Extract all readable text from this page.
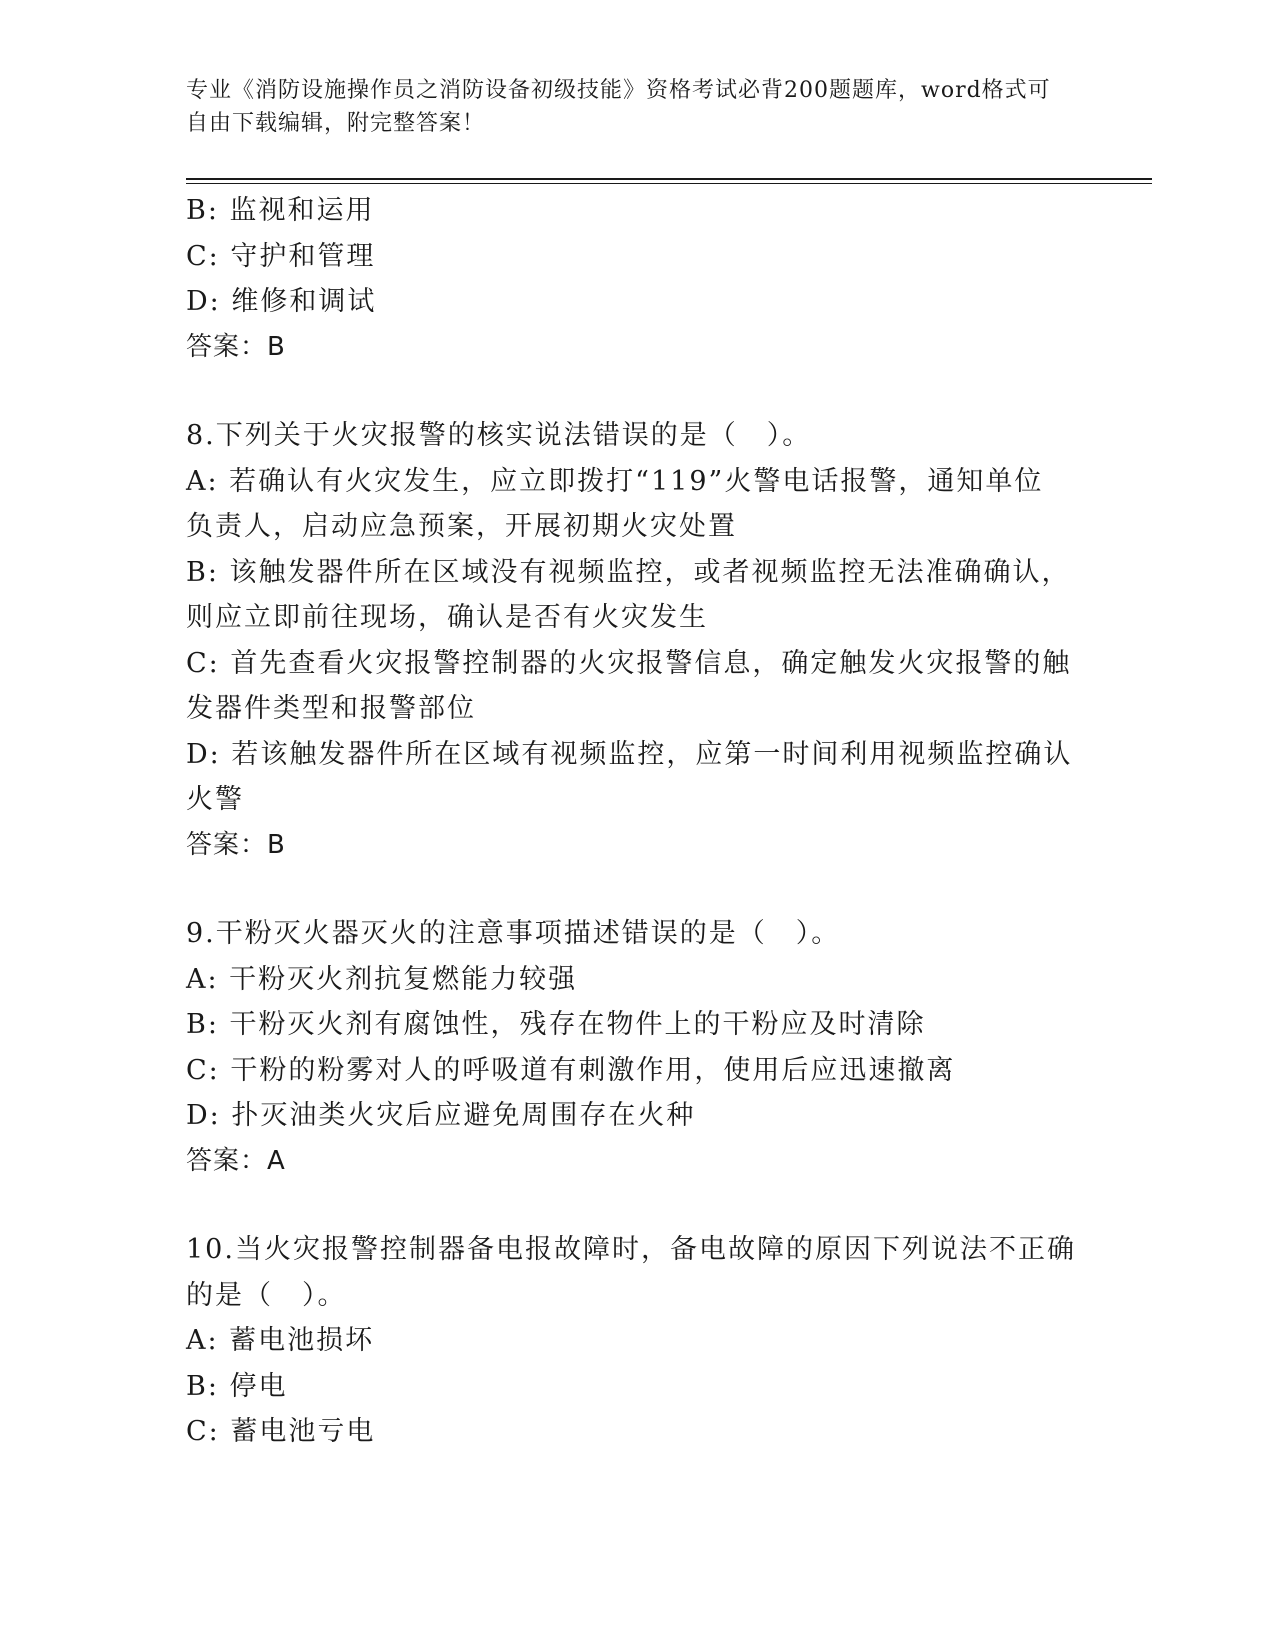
专业《消防设施操作员之消防设备初级技能》资格考试必背200题题库，word格式可自由下载编辑，附完整答案！
B: 监视和运用
C: 守护和管理
D: 维修和调试
答案：B
8.下列关于火灾报警的核实说法错误的是（　）。
A: 若确认有火灾发生，应立即拨打“119”火警电话报警，通知单位
负责人，启动应急预案，开展初期火灾处置
B: 该触发器件所在区域没有视频监控，或者视频监控无法准确确认，
则应立即前往现场，确认是否有火灾发生
C: 首先查看火灾报警控制器的火灾报警信息，确定触发火灾报警的触
发器件类型和报警部位
D: 若该触发器件所在区域有视频监控，应第一时间利用视频监控确认
火警
答案：B
9.干粉灭火器灭火的注意事项描述错误的是（　）。
A: 干粉灭火剂抗复燃能力较强
B: 干粉灭火剂有腐蚀性，残存在物件上的干粉应及时清除
C: 干粉的粉雾对人的呼吸道有刺激作用，使用后应迅速撤离
D: 扑灭油类火灾后应避免周围存在火种
答案：A
10.当火灾报警控制器备电报故障时，备电故障的原因下列说法不正确
的是（　）。
A: 蓄电池损坏
B: 停电
C: 蓄电池亏电
